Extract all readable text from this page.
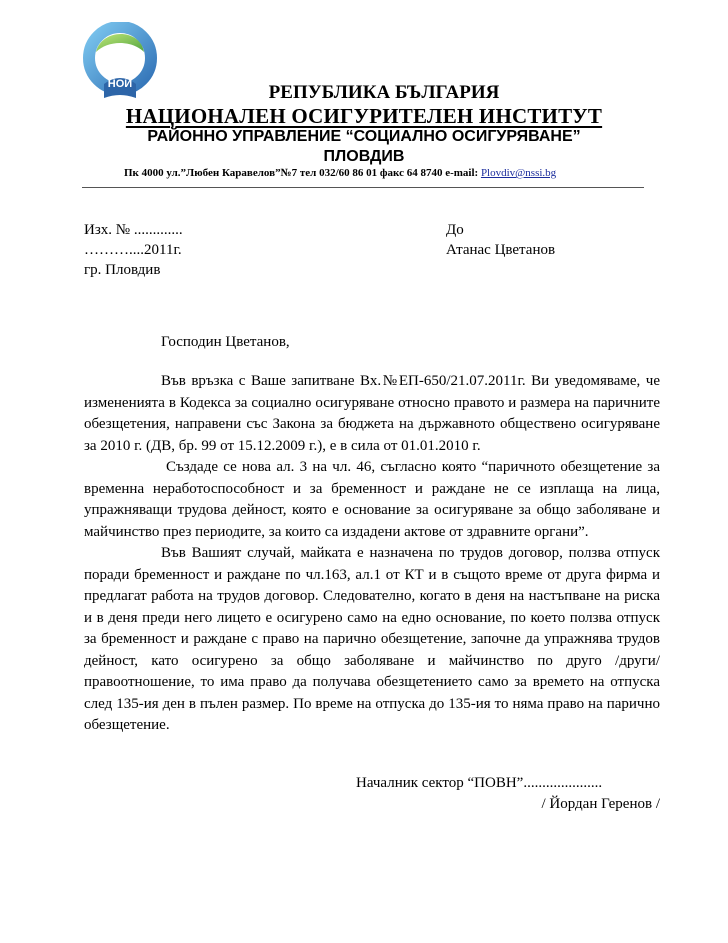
НОИ	РЕПУБЛИКА БЪЛГАРИЯ
НАЦИОНАЛЕН ОСИГУРИТЕЛЕН ИНСТИТУТ
РАЙОННО УПРАВЛЕНИЕ “СОЦИАЛНО ОСИГУРЯВАНЕ”
ПЛОВДИВ
Пк 4000 ул.”Любен Каравелов”№7 тел 032/60 86 01 факс 64 8740 e-mail: Plovdiv@nssi.bg
Изх. № .............
………....2011г.
гр. Пловдив
До
Атанас Цветанов
Господин Цветанов,

Във връзка с Ваше запитване Вх.№ЕП-650/21.07.2011г. Ви уведомяваме, че измененията в Кодекса за социално осигуряване относно правото и размера на паричните обезщетения, направени със Закона за бюджета на държавното обществено осигуряване за 2010 г. (ДВ, бр. 99 от 15.12.2009 г.), е в сила от 01.01.2010 г.

Създаде се нова ал. 3 на чл. 46, съгласно която “паричното обезщетение за временна неработоспособност и за бременност и раждане не се изплаща на лица, упражняващи трудова дейност, която е основание за осигуряване за общо заболяване и майчинство през периодите, за които са издадени актове от здравните органи”.

Във Вашият случай, майката е назначена по трудов договор, ползва отпуск поради бременност и раждане по чл.163, ал.1 от КТ и в същото време от друга фирма и предлагат работа на трудов договор. Следователно, когато в деня на настъпване на риска и в деня преди него лицето е осигурено само на едно основание, по което ползва отпуск за бременност и раждане с право на парично обезщетение, започне да упражнява трудов дейност, като осигурено за общо заболяване и майчинство по друго /други/ правоотношение, то има право да получава обезщетението само за времето на отпуска след 135-ия ден в пълен размер. По време на отпуска до 135-ия то няма право на парично обезщетение.

Началник сектор “ПОВН”.....................
/ Йордан Геренов /
